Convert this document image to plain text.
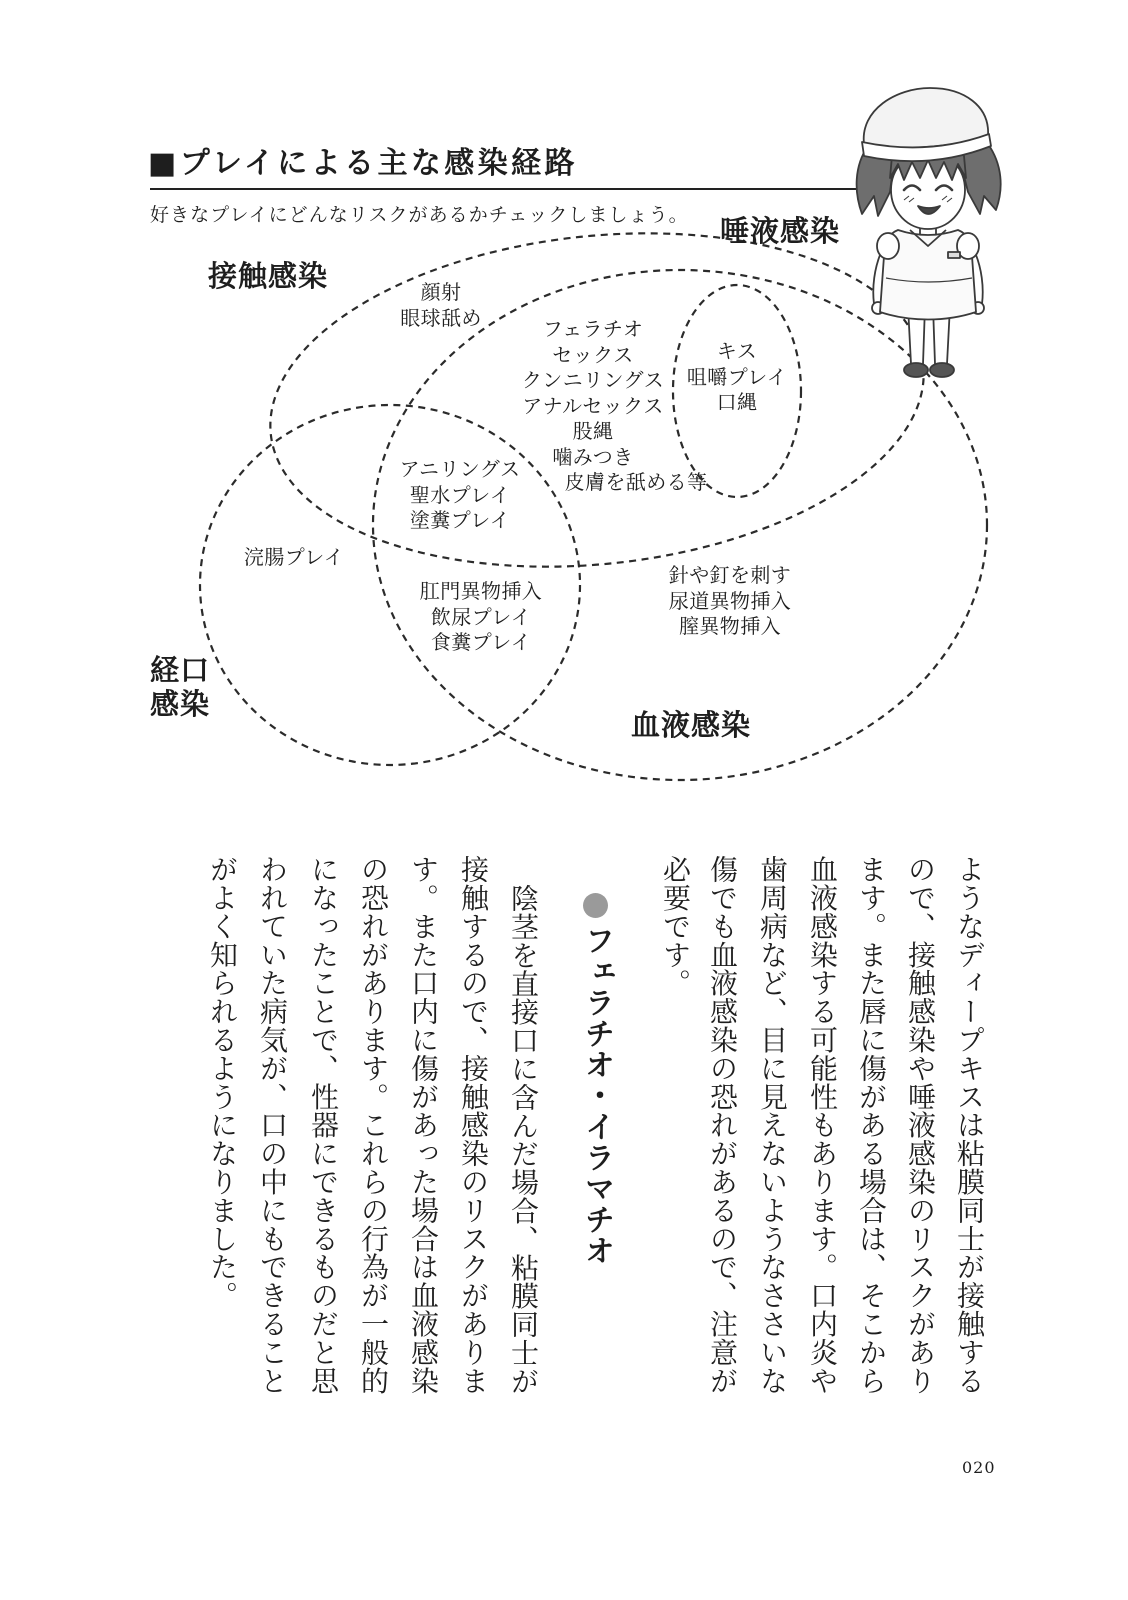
■プレイによる主な感染経路
好きなプレイにどんなリスクがあるかチェックしましょう。 唾液感染
接触感染
経口
感染
血液感染
顔射
眼球舐め	フェラチオ
セックス
クンニリングス
アナルセックス
股縄
噛みつき
皮膚を舐める等
キス
咀嚼プレイ
口縄
アニリングス
聖水プレイ
塗糞プレイ
浣腸プレイ
肛門異物挿入
飲尿プレイ
食糞プレイ
針や釘を刺す
尿道異物挿入
膣異物挿入
ようなディープキスは粘膜同士が接触する
ので、接触感染や唾液感染のリスクがあり
ます。また唇に傷がある場合は、そこから
血液感染する可能性もあります。口内炎や
歯周病など、目に見えないようなささいな
傷でも血液感染の恐れがあるので、注意が
必要です。
フェラチオ・イラマチオ
陰茎を直接口に含んだ場合、粘膜同士が
接触するので、接触感染のリスクがありま
す。また口内に傷があった場合は血液感染
の恐れがあります。これらの行為が一般的
になったことで、性器にできるものだと思
われていた病気が、口の中にもできること
がよく知られるようになりました。
020
